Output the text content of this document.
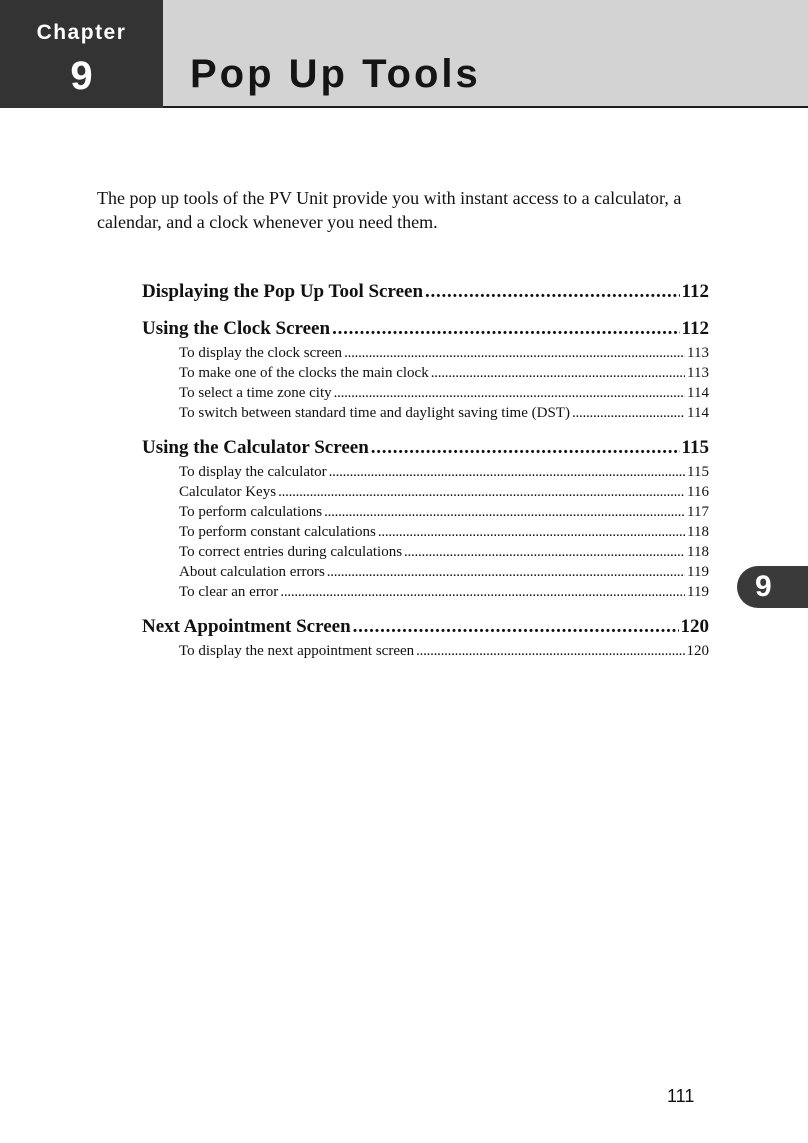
Chapter
9	Pop Up Tools

The pop up tools of the PV Unit provide you with instant access to a calculator, a calendar, and a clock whenever you need them.

Displaying the Pop Up Tool Screen . . .	112
Using the Clock Screen . . .	112
To display the clock screen . . .	113
To make one of the clocks the main clock . . .	113
To select a time zone city . . .	114
To switch between standard time and daylight saving time (DST) . . .	114
Using the Calculator Screen . . .	115
To display the calculator . . .	115
Calculator Keys . . .	116
To perform calculations . . .	117
To perform constant calculations . . .	118
To correct entries during calculations . . .	118
About calculation errors . . .	119
To clear an error . . .	119
Next Appointment Screen . . .	120
To display the next appointment screen . . .	120
9
111
